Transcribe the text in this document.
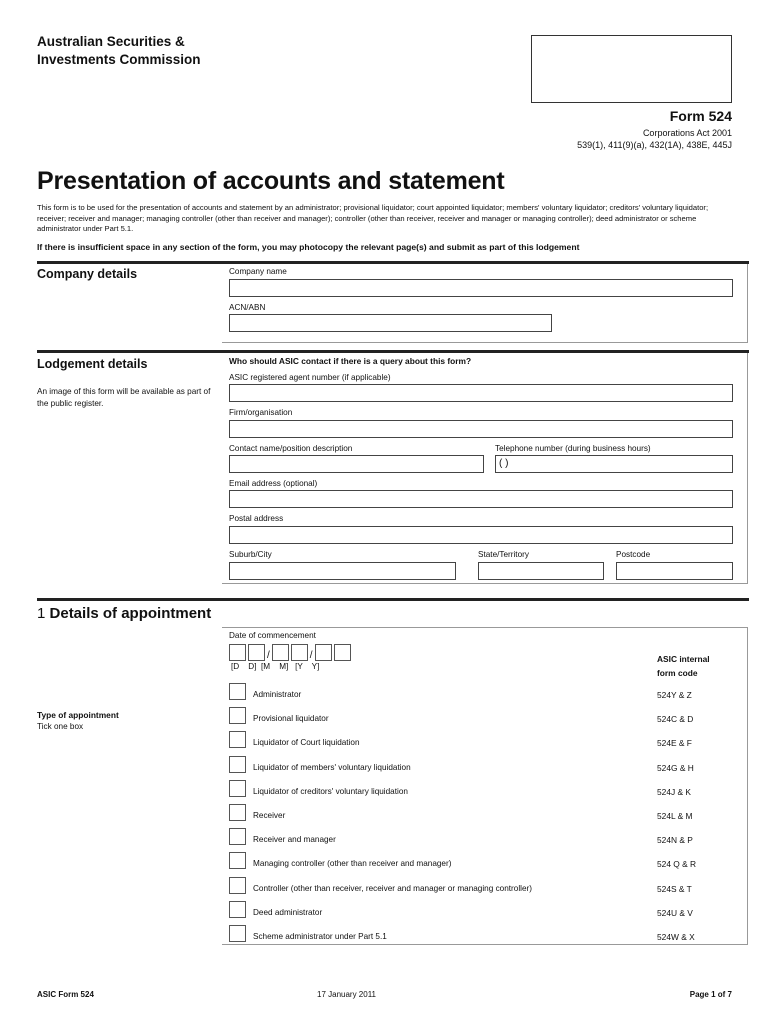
Australian Securities &
Investments Commission
Form 524
Corporations Act 2001
539(1), 411(9)(a), 432(1A), 438E, 445J
Presentation of accounts and statement
This form is to be used for the presentation of accounts and statement by an administrator; provisional liquidator; court appointed liquidator; members' voluntary liquidator; creditors' voluntary liquidator; receiver; receiver and manager; managing controller (other than receiver and manager); controller (other than receiver, receiver and manager or managing controller); deed administrator or scheme administrator under Part 5.1.
If there is insufficient space in any section of the form, you may photocopy the relevant page(s) and submit as part of this lodgement
Company details	Company name
ACN/ABN
Lodgement details
An image of this form will be available as part of the public register.
Who should ASIC contact if there is a query about this form?
ASIC registered agent number (if applicable)
Firm/organisation
Contact name/position description	Telephone number (during business hours)
( )
Email address (optional)
Postal address
Suburb/City	State/Territory	Postcode
1 Details of appointment
Date of commencement
/	/
[D    D]  [M    M]   [Y    Y]
ASIC internal form code
Type of appointment
Tick one box
Administrator	524Y & Z
Provisional liquidator	524C & D
Liquidator of Court liquidation	524E & F
Liquidator of members' voluntary liquidation	524G & H
Liquidator of creditors' voluntary liquidation	524J & K
Receiver	524L & M
Receiver and manager	524N & P
Managing controller (other than receiver and manager)	524 Q & R
Controller (other than receiver, receiver and manager or managing controller)	524S & T
Deed administrator	524U & V
Scheme administrator under Part 5.1	524W & X
ASIC Form 524	17 January 2011	Page 1 of 7
